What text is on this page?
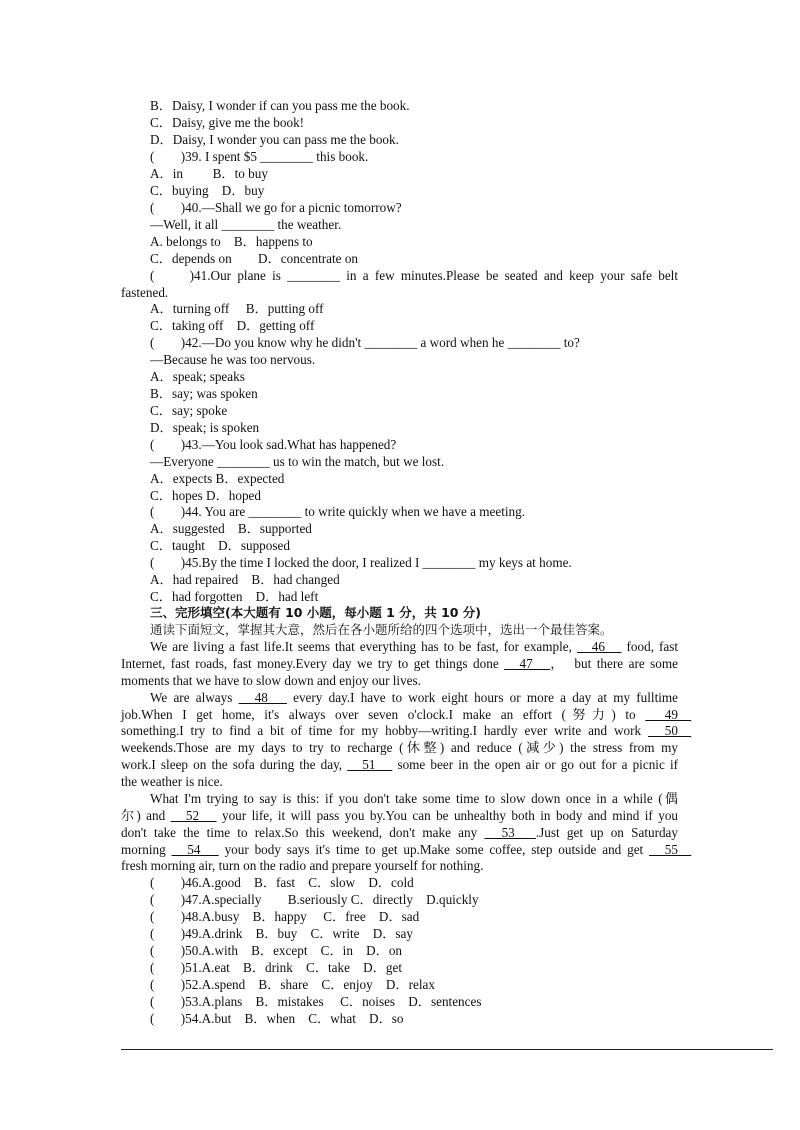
B．Daisy, I wonder if can you pass me the book.
C．Daisy, give me the book!
D．Daisy, I wonder you can pass me the book.
(　　)39. I spent $5 ________ this book.
A．in　　 B．to buy
C．buying　D．buy
(　　)40.—Shall we go for a picnic tomorrow?
—Well, it all ________ the weather.
A. belongs to　B．happens to
C．depends on　　D．concentrate on
(　　)41.Our plane is ________ in a few minutes.Please be seated and keep your safe belt
fastened.
A．turning off　 B．putting off
C．taking off　D．getting off
(　　)42.—Do you know why he didn't ________ a word when he ________ to?
—Because he was too nervous.
A．speak; speaks
B．say; was spoken
C．say; spoke
D．speak; is spoken
(　　)43.—You look sad.What has happened?
—Everyone ________ us to win the match, but we lost.
A．expects B．expected
C．hopes D．hoped
(　　)44. You are ________ to write quickly when we have a meeting.
A．suggested　B．supported
C．taught　D．supposed
(　　)45.By the time I locked the door, I realized I ________ my keys at home.
A．had repaired　B．had changed
C．had forgotten　D．had left
三、完形填空(本大题有 10 小题，每小题 1 分，共 10 分)
通读下面短文，掌握其大意，然后在各小题所给的四个选项中，选出一个最佳答案。
We are living a fast life.It seems that everything has to be fast, for example, 　46　 food, fast
Internet, fast roads, fast money.Every day we try to get things done 　47　，　but there are some
moments that we have to slow down and enjoy our lives.
We are always 　48　 every day.I have to work eight hours or more a day at my fulltime
job.When I get home, it's always over seven o'clock.I make an effort (努力) to 　49　
something.I try to find a bit of time for my hobby—writing.I hardly ever write and work 　50　
weekends.Those are my days to try to recharge (休整) and reduce (减少) the stress from my
work.I sleep on the sofa during the day, 　51　 some beer in the open air or go out for a picnic if
the weather is nice.
What I'm trying to say is this: if you don't take some time to slow down once in a while (偶
尔) and 　52　 your life, it will pass you by.You can be unhealthy both in body and mind if you
don't take the time to relax.So this weekend, don't make any 　53　.Just get up on Saturday
morning 　54　 your body says it's time to get up.Make some coffee, step outside and get 　55　
fresh morning air, turn on the radio and prepare yourself for nothing.
(　　)46.A.good　B．fast　C．slow　D．cold
(　　)47.A.specially　　B.seriously C．directly　D.quickly
(　　)48.A.busy　B．happy　 C．free　D．sad
(　　)49.A.drink　B．buy　C．write　D．say
(　　)50.A.with　B．except　C．in　D．on
(　　)51.A.eat　B．drink　C．take　D．get
(　　)52.A.spend　B．share　C．enjoy　D．relax
(　　)53.A.plans　B．mistakes　 C．noises　D．sentences
(　　)54.A.but　B．when　C．what　D．so
